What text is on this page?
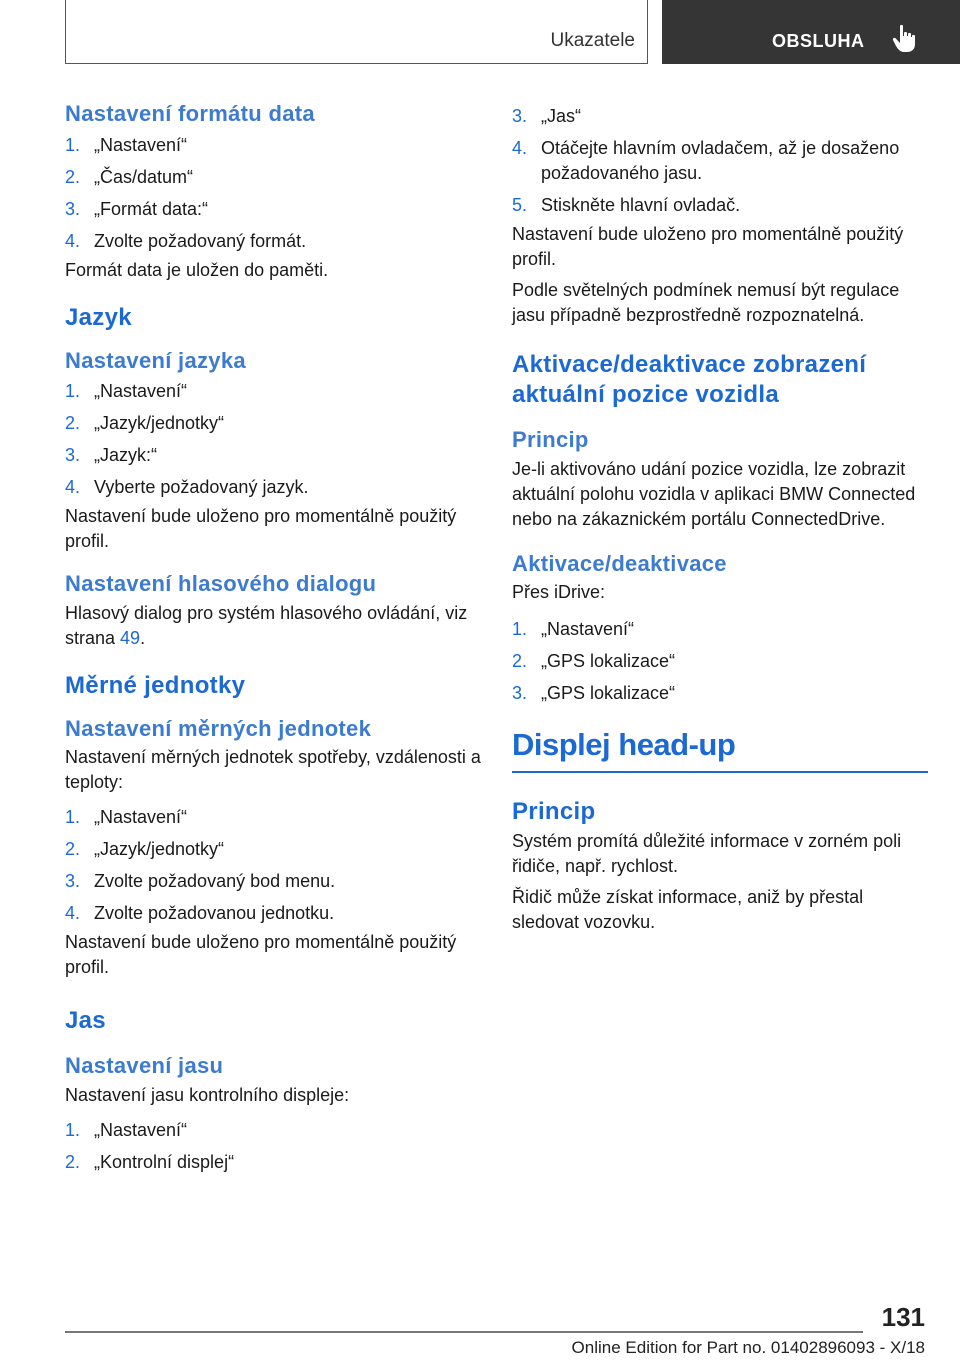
Ukazatele	OBSLUHA
Nastavení formátu data
1. „Nastavení“
2. „Čas/datum“
3. „Formát data:“
4. Zvolte požadovaný formát.

Formát data je uložen do paměti.

Jazyk
Nastavení jazyka
1. „Nastavení“
2. „Jazyk/jednotky“
3. „Jazyk:“
4. Vyberte požadovaný jazyk.

Nastavení bude uloženo pro momentálně použitý profil.

Nastavení hlasového dialogu

Hlasový dialog pro systém hlasového ovládání, viz strana 49.

Měrné jednotky
Nastavení měrných jednotek

Nastavení měrných jednotek spotřeby, vzdálenosti a teploty:

1. „Nastavení“
2. „Jazyk/jednotky“
3. Zvolte požadovaný bod menu.
4. Zvolte požadovanou jednotku.

Nastavení bude uloženo pro momentálně použitý profil.

Jas
Nastavení jasu

Nastavení jasu kontrolního displeje:

1. „Nastavení“
2. „Kontrolní displej“
3. „Jas“
4. Otáčejte hlavním ovladačem, až je dosaženo požadovaného jasu.
5. Stiskněte hlavní ovladač.

Nastavení bude uloženo pro momentálně použitý profil.

Podle světelných podmínek nemusí být regulace jasu případně bezprostředně rozpoznatelná.

Aktivace/deaktivace zobrazení aktuální pozice vozidla
Princip

Je-li aktivováno udání pozice vozidla, lze zobrazit aktuální polohu vozidla v aplikaci BMW Connected nebo na zákaznickém portálu ConnectedDrive.

Aktivace/deaktivace

Přes iDrive:

1. „Nastavení“
2. „GPS lokalizace“
3. „GPS lokalizace“
Displej head-up
Princip

Systém promítá důležité informace v zorném poli řidiče, např. rychlost.

Řidič může získat informace, aniž by přestal sledovat vozovku.

131
Online Edition for Part no. 01402896093 - X/18
